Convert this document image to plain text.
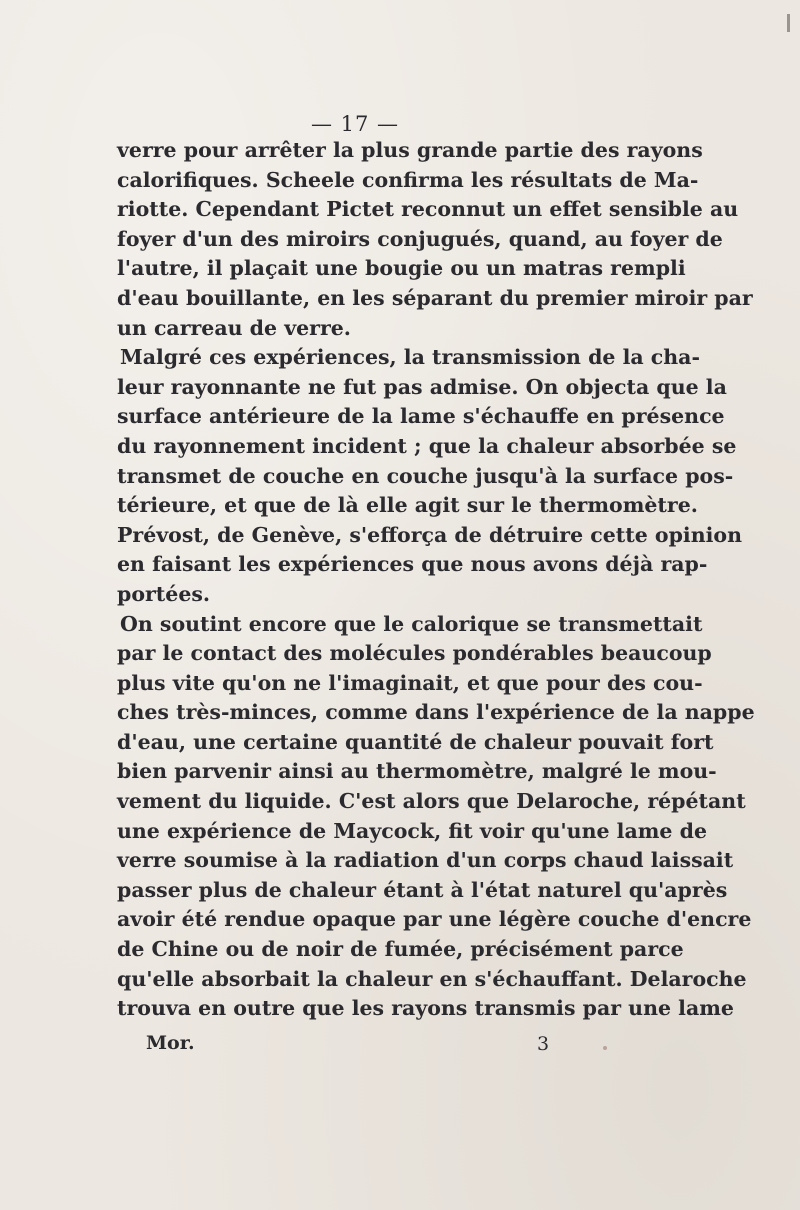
— 17 —
verre pour arrêter la plus grande partie des rayons
calorifiques. Scheele confirma les résultats de Ma-
riotte. Cependant Pictet reconnut un effet sensible au
foyer d'un des miroirs conjugués, quand, au foyer de
l'autre, il plaçait une bougie ou un matras rempli
d'eau bouillante, en les séparant du premier miroir par
un carreau de verre.
Malgré ces expériences, la transmission de la cha-
leur rayonnante ne fut pas admise. On objecta que la
surface antérieure de la lame s'échauffe en présence
du rayonnement incident ; que la chaleur absorbée se
transmet de couche en couche jusqu'à la surface pos-
térieure, et que de là elle agit sur le thermomètre.
Prévost, de Genève, s'efforça de détruire cette opinion
en faisant les expériences que nous avons déjà rap-
portées.
On soutint encore que le calorique se transmettait
par le contact des molécules pondérables beaucoup
plus vite qu'on ne l'imaginait, et que pour des cou-
ches très-minces, comme dans l'expérience de la nappe
d'eau, une certaine quantité de chaleur pouvait fort
bien parvenir ainsi au thermomètre, malgré le mou-
vement du liquide. C'est alors que Delaroche, répétant
une expérience de Maycock, fit voir qu'une lame de
verre soumise à la radiation d'un corps chaud laissait
passer plus de chaleur étant à l'état naturel qu'après
avoir été rendue opaque par une légère couche d'encre
de Chine ou de noir de fumée, précisément parce
qu'elle absorbait la chaleur en s'échauffant. Delaroche
trouva en outre que les rayons transmis par une lame
Mor.	3
